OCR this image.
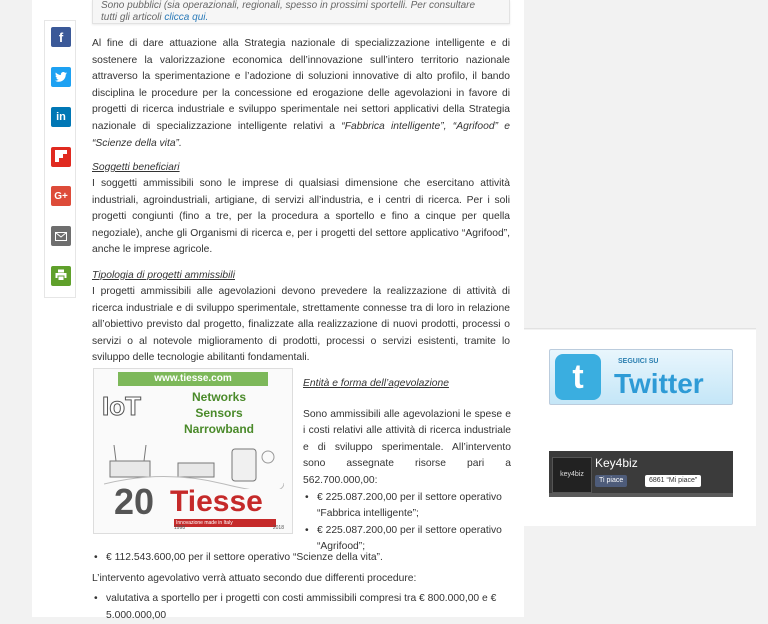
Sono pubblici (sia operazionali, regionali, spesso in prossimi sportelli. Per consultare
tutti gli articoli clicca qui.
f
in
G+

Al fine di dare attuazione alla Strategia nazionale di specializzazione intelligente e di sostenere la valorizzazione economica dell’innovazione sull’intero territorio nazionale attraverso la sperimentazione e l’adozione di soluzioni innovative di alto profilo, il bando disciplina le procedure per la concessione ed erogazione delle agevolazioni in favore di progetti di ricerca industriale e sviluppo sperimentale nei settori applicativi della Strategia nazionale di specializzazione intelligente relativi a “Fabbrica intelligente”, “Agrifood” e “Scienze della vita”.

Soggetti beneficiari

I soggetti ammissibili sono le imprese di qualsiasi dimensione che esercitano attività industriali, agroindustriali, artigiane, di servizi all’industria, e i centri di ricerca. Per i soli progetti congiunti (fino a tre, per la procedura a sportello e fino a cinque per quella negoziale), anche gli Organismi di ricerca e, per i progetti del settore applicativo “Agrifood”, anche le imprese agricole.

Tipologia di progetti ammissibili

I progetti ammissibili alle agevolazioni devono prevedere la realizzazione di attività di ricerca industriale e di sviluppo sperimentale, strettamente connesse tra di loro in relazione all’obiettivo previsto dal progetto, finalizzate alla realizzazione di nuovi prodotti, processi o servizi o al notevole miglioramento di prodotti, processi o servizi esistenti, tramite lo sviluppo delle tecnologie abilitanti fondamentali.

www.tiesse.com
IoT	Networks
Sensors
Narrowband
20 Tiesse
Innovazione made in Italy
1998	2018

Entità e forma dell’agevolazione

Sono ammissibili alle agevolazioni le spese e i costi relativi alle attività di ricerca industriale e di sviluppo sperimentale. All’intervento sono assegnate risorse pari a 562.700.000,00:

• € 225.087.200,00 per il settore operativo “Fabbrica intelligente”;
• € 225.087.200,00 per il settore operativo “Agrifood”;
• € 112.543.600,00 per il settore operativo “Scienze della vita”.

L’intervento agevolativo verrà attuato secondo due differenti procedure:

• valutativa a sportello per i progetti con costi ammissibili compresi tra € 800.000,00 e € 5.000.000,00
t	SEGUICI SU
Twitter
key4biz
Key4biz
Ti piace	6861 “Mi piace”
